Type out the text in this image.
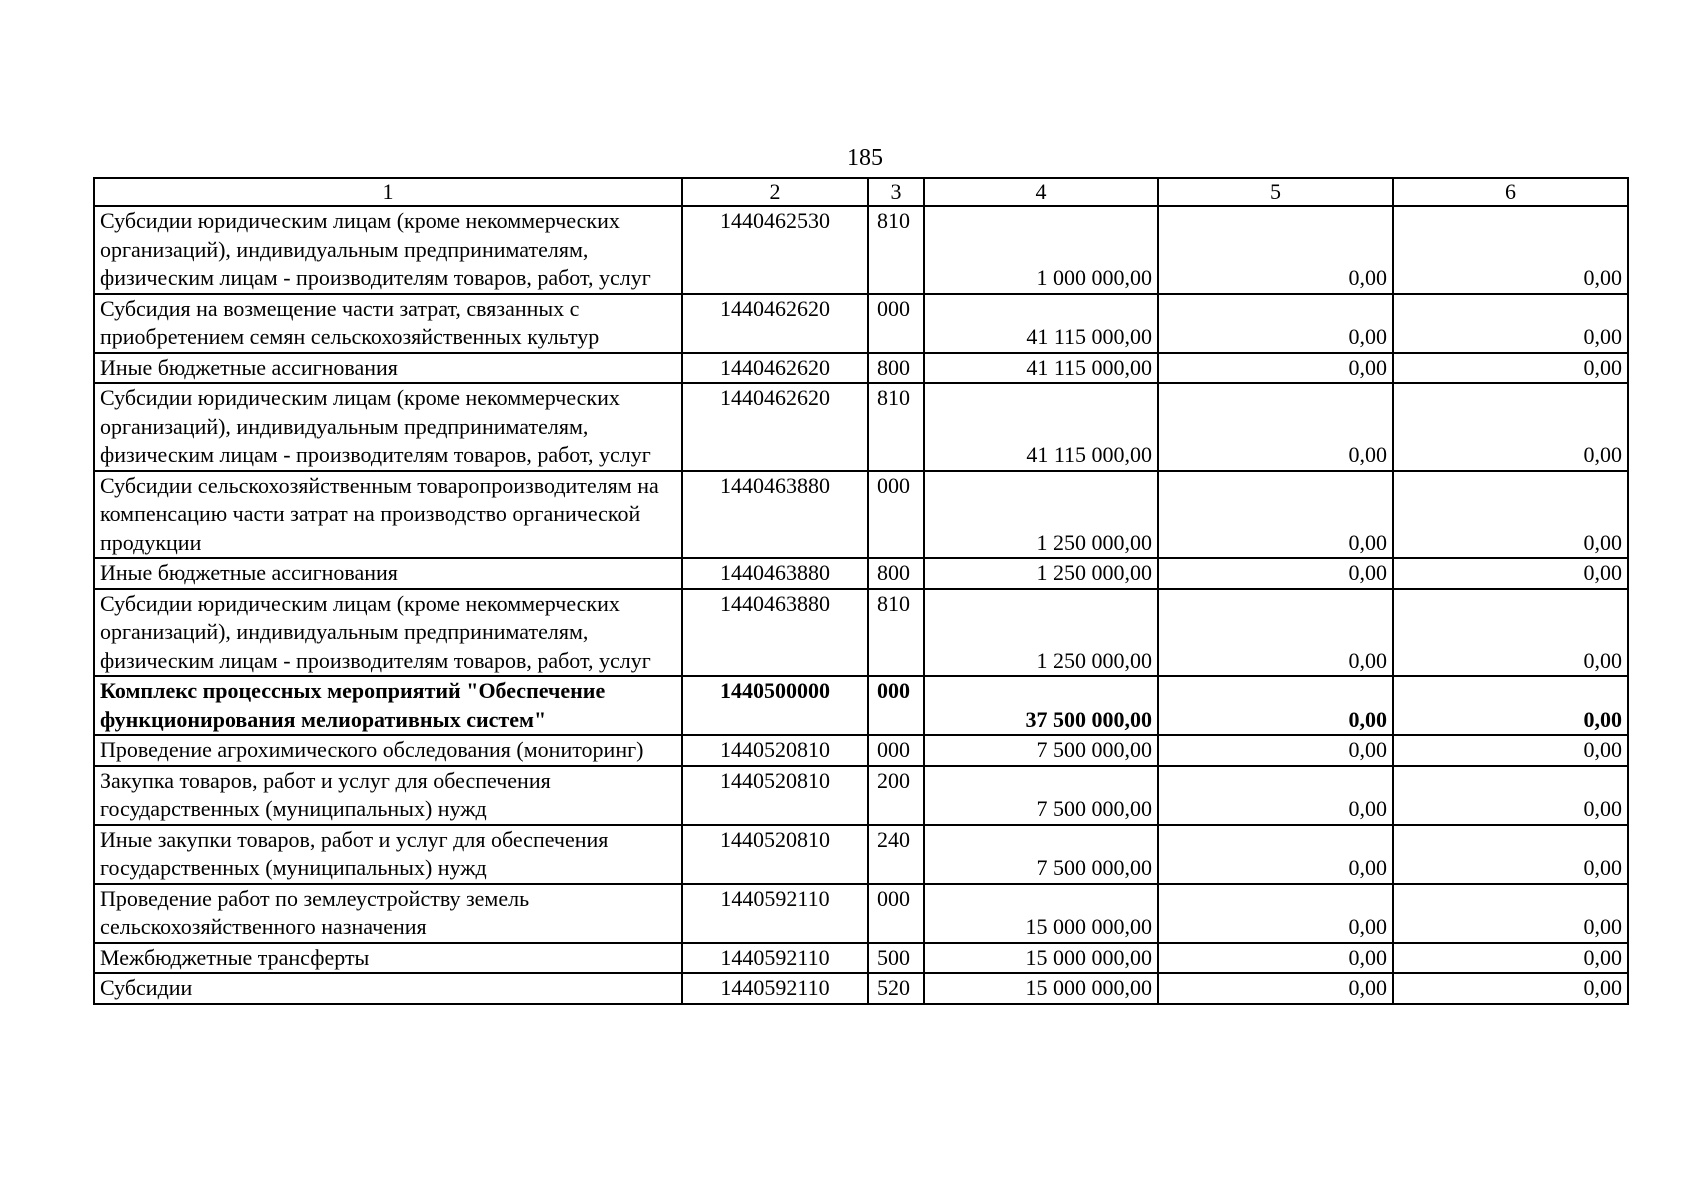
185
1	2	3	4	5	6
Субсидии юридическим лицам (кроме некоммерческих организаций), индивидуальным предпринимателям, физическим лицам - производителям товаров, работ, услуг	1440462530	810	1 000 000,00	0,00	0,00
Субсидия на возмещение части затрат, связанных с приобретением семян сельскохозяйственных культур	1440462620	000	41 115 000,00	0,00	0,00
Иные бюджетные ассигнования	1440462620	800	41 115 000,00	0,00	0,00
Субсидии юридическим лицам (кроме некоммерческих организаций), индивидуальным предпринимателям, физическим лицам - производителям товаров, работ, услуг	1440462620	810	41 115 000,00	0,00	0,00
Субсидии сельскохозяйственным товаропроизводителям на компенсацию части затрат на производство органической продукции	1440463880	000	1 250 000,00	0,00	0,00
Иные бюджетные ассигнования	1440463880	800	1 250 000,00	0,00	0,00
Субсидии юридическим лицам (кроме некоммерческих организаций), индивидуальным предпринимателям, физическим лицам - производителям товаров, работ, услуг	1440463880	810	1 250 000,00	0,00	0,00
Комплекс процессных мероприятий "Обеспечение функционирования мелиоративных систем"	1440500000	000	37 500 000,00	0,00	0,00
Проведение агрохимического обследования (мониторинг)	1440520810	000	7 500 000,00	0,00	0,00
Закупка товаров, работ и услуг для обеспечения государственных (муниципальных) нужд	1440520810	200	7 500 000,00	0,00	0,00
Иные закупки товаров, работ и услуг для обеспечения государственных (муниципальных) нужд	1440520810	240	7 500 000,00	0,00	0,00
Проведение работ по землеустройству земель сельскохозяйственного назначения	1440592110	000	15 000 000,00	0,00	0,00
Межбюджетные трансферты	1440592110	500	15 000 000,00	0,00	0,00
Субсидии	1440592110	520	15 000 000,00	0,00	0,00
